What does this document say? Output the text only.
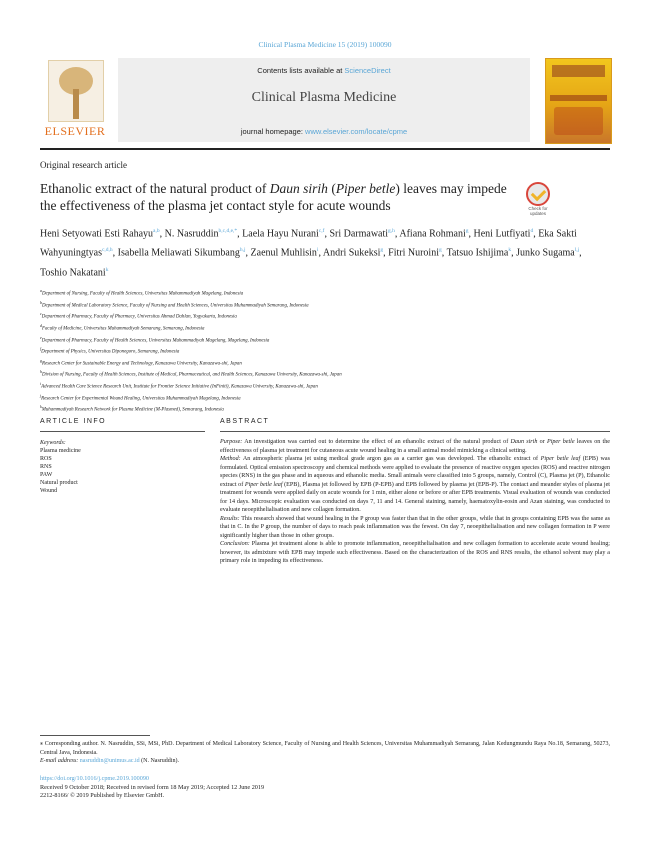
Clinical Plasma Medicine 15 (2019) 100090
ELSEVIER
Contents lists available at ScienceDirect
Clinical Plasma Medicine
journal homepage: www.elsevier.com/locate/cpme
Original research article
Ethanolic extract of the natural product of Daun sirih (Piper betle) leaves may impede the effectiveness of the plasma jet contact style for acute wounds	Check for updates
Heni Setyowati Esti Rahayu$^{a,b}$, N. Nasruddin$^{b,c,d,e,*}$, Laela Hayu Nurani$^{c,f}$, Sri Darmawati$^{g,h}$, Afiana Rohmani$^g$, Heni Lutfiyati$^d$, Eka Sakti Wahyuningtyas$^{c,d,h}$, Isabella Meliawati Sikumbang$^{h,j}$, Zaenul Muhlisin$^i$, Andri Sukeksi$^g$, Fitri Nuroini$^g$, Tatsuo Ishijima$^k$, Junko Sugama$^{l,j}$, Toshio Nakatani$^k$
$^a$Department of Nursing, Faculty of Health Sciences, Universitas Muhammadiyah Magelang, Indonesia
$^b$Department of Medical Laboratory Science, Faculty of Nursing and Health Sciences, Universitas Muhammadiyah Semarang, Indonesia
$^c$Department of Pharmacy, Faculty of Pharmacy, Universitas Ahmad Dahlan, Yogyakarta, Indonesia
$^d$Faculty of Medicine, Universitas Muhammadiyah Semarang, Semarang, Indonesia
$^e$Department of Pharmacy, Faculty of Health Sciences, Universitas Muhammadiyah Magelang, Magelang, Indonesia
$^f$Department of Physics, Universitas Diponegoro, Semarang, Indonesia
$^g$Research Center for Sustainable Energy and Technology, Kanazawa University, Kanazawa-shi, Japan
$^h$Division of Nursing, Faculty of Health Sciences, Institute of Medical, Pharmaceutical, and Health Sciences, Kanazawa University, Kanazawa-shi, Japan
$^i$Advanced Health Care Science Research Unit, Institute for Frontier Science Initiative (InFiniti), Kanazawa University, Kanazawa-shi, Japan
$^j$Research Center for Experimental Wound Healing, Universitas Muhammadiyah Magelang, Indonesia
$^k$Muhammadiyah Research Network for Plasma Medicine (M-Plasmed), Semarang, Indonesia
ARTICLE INFO	ABSTRACT
Keywords:
Plasma medicine
ROS
RNS
PAW
Natural product
Wound

Purpose: An investigation was carried out to determine the effect of an ethanolic extract of the natural product of Daun sirih or Piper betle leaves on the effectiveness of plasma jet treatment for cutaneous acute wound healing in a small animal model mimicking a clinical setting.

Method: An atmospheric plasma jet using medical grade argon gas as a carrier gas was developed. The ethanolic extract of Piper betle leaf (EPB) was formulated. Optical emission spectroscopy and chemical methods were applied to evaluate the presence of reactive oxygen species (ROS) and reactive nitrogen species (RNS) in the gas phase and in aqueous and ethanolic media. Small animals were classified into 5 groups, namely, Control (C), Plasma jet (P), Ethanolic extract of Piper betle leaf (EPB), Plasma jet followed by EPB (P-EPB) and EPB followed by plasma jet (EPB-P). The contact and meander styles of plasma jet treatment for wounds were applied daily on acute wounds for 1 min, either alone or before or after EPB treatments. Visual evaluation of wounds was conducted for 14 days. Microscopic evaluation was conducted on days 7, 11 and 14. General staining, namely, haematoxylin-eosin and Azan staining, was conducted to evaluate neoepithelialisation and new collagen formation.

Results: This research showed that wound healing in the P group was faster than that in the other groups, while that in groups containing EPB was the same as that in C. In the P group, the number of days to reach peak inflammation was the fewest. On day 7, neoepithelialisation and new collagen formation in P were significantly higher than those in other groups.

Conclusion: Plasma jet treatment alone is able to promote inflammation, neoepithelialisation and new collagen formation to accelerate acute wound healing; however, its admixture with EPB may impede such effectiveness. Based on the characterization of the ROS and RNS results, the ethanol solvent may play a primary role in impeding its effectiveness.

⁎ Corresponding author. N. Nasruddin, SSi, MSi, PhD. Department of Medical Laboratory Science, Faculty of Nursing and Health Sciences, Universitas Muhammadiyah Semarang, Jalan Kedungmundu Raya No.18, Semarang, 50273, Central Java, Indonesia.
E-mail address: nasruddin@unimus.ac.id (N. Nasruddin).
https://doi.org/10.1016/j.cpme.2019.100090
Received 9 October 2018; Received in revised form 18 May 2019; Accepted 12 June 2019
2212-8166/ © 2019 Published by Elsevier GmbH.
